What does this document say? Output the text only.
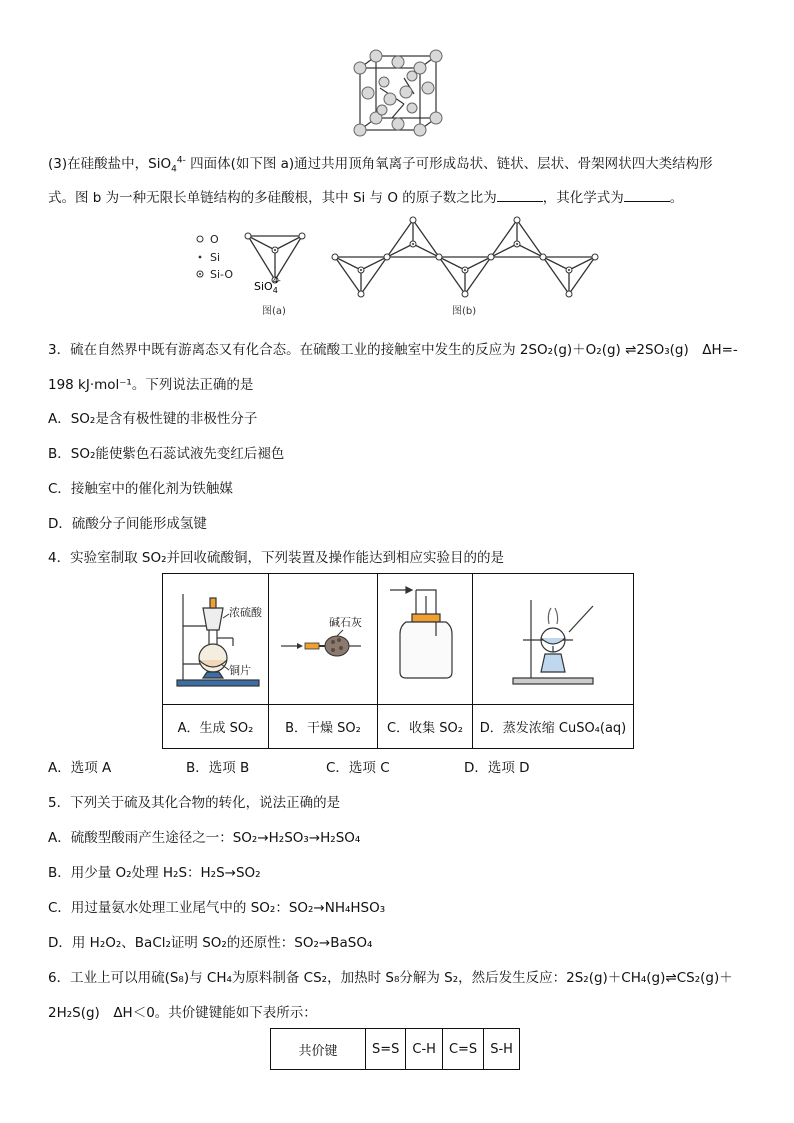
(3)在硅酸盐中，SiO$_4^{4-}$ 四面体(如下图 a)通过共用顶角氧离子可形成岛状、链状、层状、骨架网状四大类结构形
式。图 b 为一种无限长单链结构的多硅酸根，其中 Si 与 O 的原子数之比为	，其化学式为	。
O
Si
Si-O
SiO$_4$4-
图(a)	图(b)
3．硫在自然界中既有游离态又有化合态。在硫酸工业的接触室中发生的反应为 2SO₂(g)＋O₂(g) ⇌2SO₃(g)　ΔH=-
198 kJ·mol⁻¹。下列说法正确的是
A．SO₂是含有极性键的非极性分子
B．SO₂能使紫色石蕊试液先变红后褪色
C．接触室中的催化剂为铁触媒
D．硫酸分子间能形成氢键
4．实验室制取 SO₂并回收硫酸铜，下列装置及操作能达到相应实验目的的是
浓硫酸
铜片	碱石灰

A．生成 SO₂	B．干燥 SO₂	C．收集 SO₂	D．蒸发浓缩 CuSO₄(aq)
A．选项 A	B．选项 B	C．选项 C	D．选项 D
5．下列关于硫及其化合物的转化，说法正确的是
A．硫酸型酸雨产生途径之一：SO₂→H₂SO₃→H₂SO₄
B．用少量 O₂处理 H₂S：H₂S→SO₂
C．用过量氨水处理工业尾气中的 SO₂：SO₂→NH₄HSO₃
D．用 H₂O₂、BaCl₂证明 SO₂的还原性：SO₂→BaSO₄
6．工业上可以用硫(S₈)与 CH₄为原料制备 CS₂，加热时 S₈分解为 S₂，然后发生反应：2S₂(g)＋CH₄(g)⇌CS₂(g)＋
2H₂S(g)　ΔH＜0。共价键键能如下表所示：
共价键	S=S	C-H	C=S	S-H
